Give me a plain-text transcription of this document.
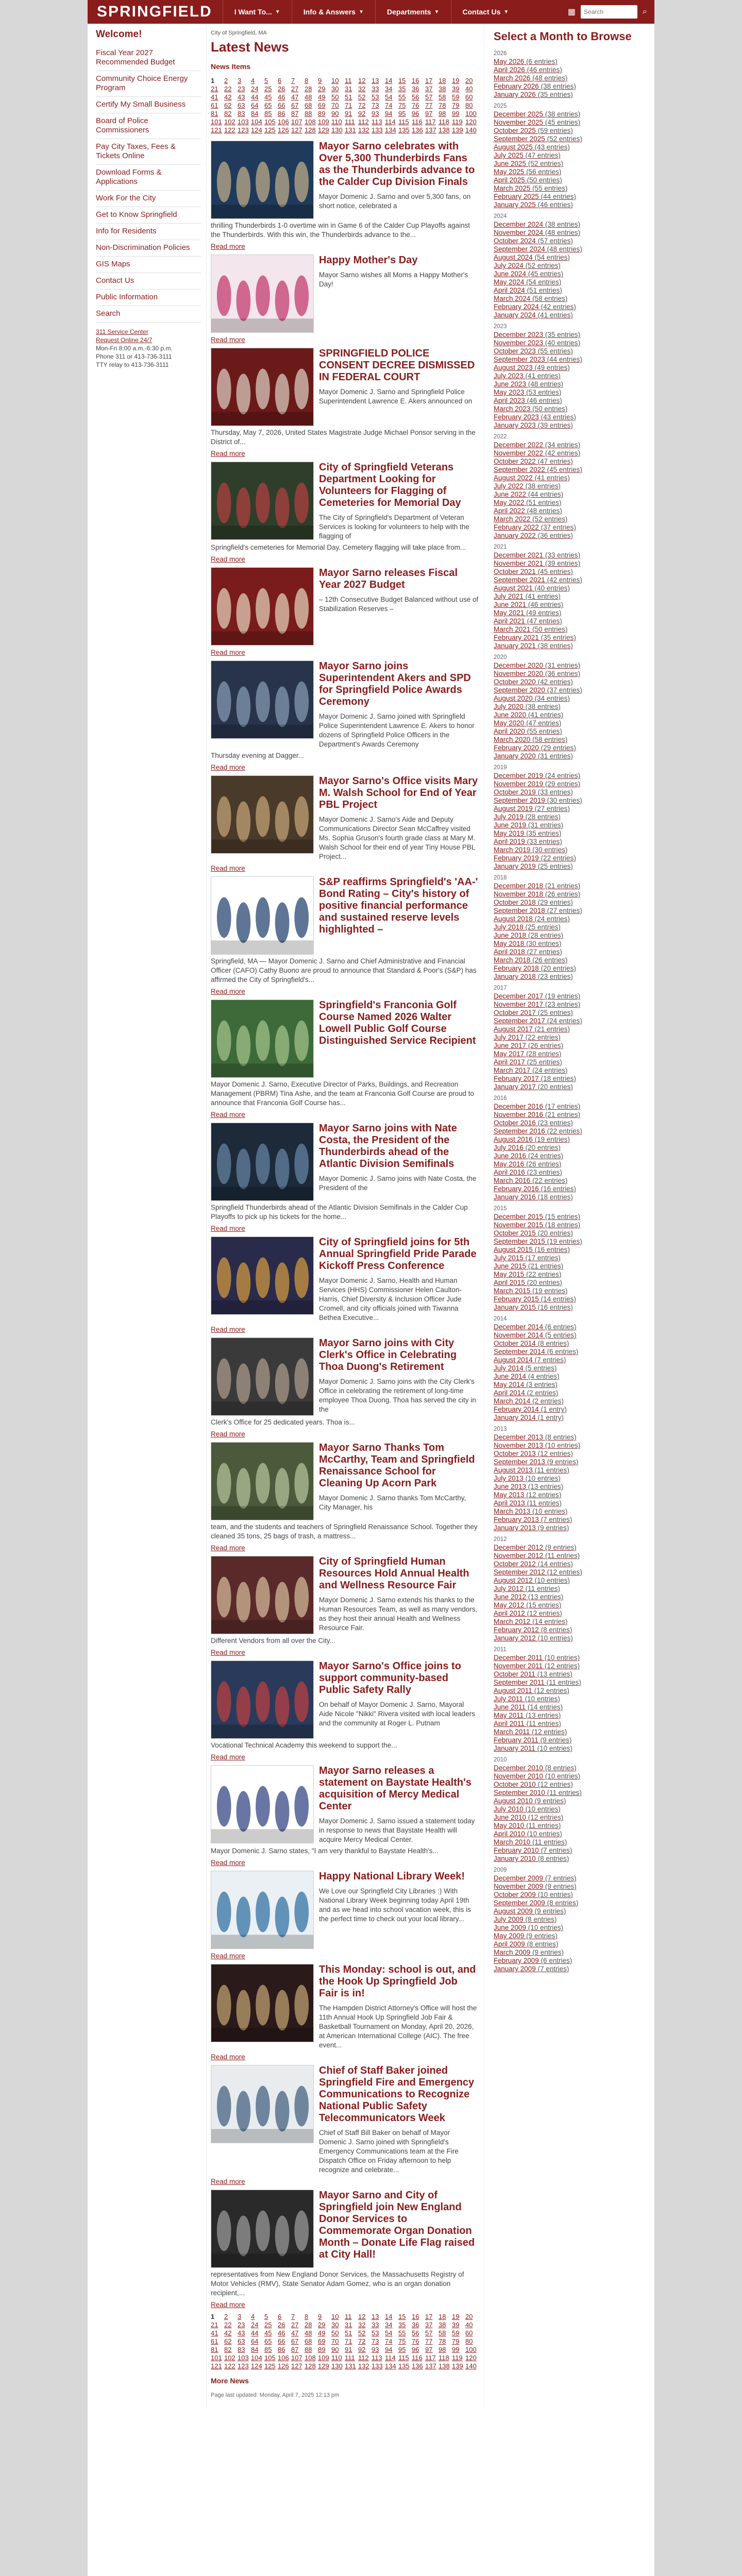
SPRINGFIELD	I Want To... ▼	Info & Answers ▼	Departments ▼	Contact Us ▼	▦
Search	⌕
Welcome!
Fiscal Year 2027 Recommended Budget
Community Choice Energy Program
Certify My Small Business
Board of Police Commissioners
Pay City Taxes, Fees & Tickets Online
Download Forms & Applications
Work For the City
Get to Know Springfield
Info for Residents
Non-Discrimination Policies
GIS Maps
Contact Us
Public Information
Search
311 Service Center
Request Online 24/7
Mon-Fri 8:00 a.m.-6:30 p.m.
Phone 311 or 413-736-3111
TTY relay to 413-736-3111
City of Springfield, MA
Latest News
News Items
1 2 3 4 5 6 7 8 9 10 11 12 13 14 15 16 17 18 19 2021 22 23 24 25 26 27 28 29 30 31 32 33 34 35 36 37 38 39 4041 42 43 44 45 46 47 48 49 50 51 52 53 54 55 56 57 58 59 6061 62 63 64 65 66 67 68 69 70 71 72 73 74 75 76 77 78 79 8081 82 83 84 85 86 87 88 89 90 91 92 93 94 95 96 97 98 99 100101 102 103 104 105 106 107 108 109 110 111 112 113 114 115 116 117 118 119 120121 122 123 124 125 126 127 128 129 130 131 132 133 134 135 136 137 138 139 140
Mayor Sarno celebrates with Over 5,300 Thunderbirds Fans as the Thunderbirds advance to the Calder Cup Division Finals
Mayor Domenic J. Sarno and over 5,300 fans, on short notice, celebrated a
thrilling Thunderbirds 1-0 overtime win in Game 6 of the Calder Cup Playoffs against the Thunderbirds. With this win, the Thunderbirds advance to the...
Read more
Happy Mother's Day
Mayor Sarno wishes all Moms a Happy Mother's Day!
Read more
SPRINGFIELD POLICE CONSENT DECREE DISMISSED IN FEDERAL COURT
Mayor Domenic J. Sarno and Springfield Police Superintendent Lawrence E. Akers announced on
Thursday, May 7, 2026, United States Magistrate Judge Michael Ponsor serving in the District of...
Read more
City of Springfield Veterans Department Looking for Volunteers for Flagging of Cemeteries for Memorial Day
The City of Springfield's Department of Veteran Services is looking for volunteers to help with the flagging of
Springfield's cemeteries for Memorial Day. Cemetery flagging will take place from...
Read more
Mayor Sarno releases Fiscal Year 2027 Budget
– 12th Consecutive Budget Balanced without use of Stabilization Reserves –
Read more
Mayor Sarno joins Superintendent Akers and SPD for Springfield Police Awards Ceremony
Mayor Domenic J. Sarno joined with Springfield Police Superintendent Lawrence E. Akers to honor dozens of Springfield Police Officers in the Department's Awards Ceremony
Thursday evening at Dagger...
Read more
Mayor Sarno's Office visits Mary M. Walsh School for End of Year PBL Project
Mayor Domenic J. Sarno's Aide and Deputy Communications Director Sean McCaffrey visited Ms. Sophia Gruson's fourth grade class at Mary M. Walsh School for their end of year Tiny House PBL Project...
Read more
S&P reaffirms Springfield's 'AA-' Bond Rating – City's history of positive financial performance and sustained reserve levels highlighted –
Springfield, MA — Mayor Domenic J. Sarno and Chief Administrative and Financial Officer (CAFO) Cathy Buono are proud to announce that Standard & Poor's (S&P) has affirmed the City of Springfield's...
Read more
Springfield's Franconia Golf Course Named 2026 Walter Lowell Public Golf Course Distinguished Service Recipient
Mayor Domenic J. Sarno, Executive Director of Parks, Buildings, and Recreation Management (PBRM) Tina Ashe, and the team at Franconia Golf Course are proud to announce that Franconia Golf Course has...
Read more
Mayor Sarno joins with Nate Costa, the President of the Thunderbirds ahead of the Atlantic Division Semifinals
Mayor Domenic J. Sarno joins with Nate Costa, the President of the
Springfield Thunderbirds ahead of the Atlantic Division Semifinals in the Calder Cup Playoffs to pick up his tickets for the home...
Read more
City of Springfield joins for 5th Annual Springfield Pride Parade Kickoff Press Conference
Mayor Domenic J. Sarno, Health and Human Services (HHS) Commissioner Helen Caulton-Harris, Chief Diversity & Inclusion Officer Jude Cromell, and city officials joined with Tiwanna Bethea Executive...
Read more
Mayor Sarno joins with City Clerk's Office in Celebrating Thoa Duong's Retirement
Mayor Domenic J. Sarno joins with the City Clerk's Office in celebrating the retirement of long-time employee Thoa Duong. Thoa has served the city in the
Clerk's Office for 25 dedicated years. Thoa is...
Read more
Mayor Sarno Thanks Tom McCarthy, Team and Springfield Renaissance School for Cleaning Up Acorn Park
Mayor Domenic J. Sarno thanks Tom McCarthy, City Manager, his
team, and the students and teachers of Springfield Renaissance School. Together they cleaned 35 tons, 25 bags of trash, a mattress...
Read more
City of Springfield Human Resources Hold Annual Health and Wellness Resource Fair
Mayor Domenic J. Sarno extends his thanks to the Human Resources Team, as well as many vendors, as they host their annual Health and Wellness Resource Fair.
Different Vendors from all over the City...
Read more
Mayor Sarno's Office joins to support community-based Public Safety Rally
On behalf of Mayor Domenic J. Sarno, Mayoral Aide Nicole "Nikki" Rivera visited with local leaders and the community at Roger L. Putnam
Vocational Technical Academy this weekend to support the...
Read more
Mayor Sarno releases a statement on Baystate Health's acquisition of Mercy Medical Center
Mayor Domenic J. Sarno issued a statement today in response to news that Baystate Health will acquire Mercy Medical Center.
Mayor Domenic J. Sarno states, "I am very thankful to Baystate Health's...
Read more
Happy National Library Week!
We Love our Springfield City Libraries :) With National Library Week beginning today April 19th and as we head into school vacation week, this is the perfect time to check out your local library...
Read more
This Monday: school is out, and the Hook Up Springfield Job Fair is in!
The Hampden District Attorney's Office will host the 11th Annual Hook Up Springfield Job Fair & Basketball Tournament on Monday, April 20, 2026, at American International College (AIC). The free event...
Read more
Chief of Staff Baker joined Springfield Fire and Emergency Communications to Recognize National Public Safety Telecommunicators Week
Chief of Staff Bill Baker on behalf of Mayor Domenic J. Sarno joined with Springfield's Emergency Communications team at the Fire Dispatch Office on Friday afternoon to help recognize and celebrate...
Read more
Mayor Sarno and City of Springfield join New England Donor Services to Commemorate Organ Donation Month – Donate Life Flag raised at City Hall!
representatives from New England Donor Services, the Massachusetts Registry of Motor Vehicles (RMV), State Senator Adam Gomez, who is an organ donation recipient,...
Read more
1 2 3 4 5 6 7 8 9 10 11 12 13 14 15 16 17 18 19 2021 22 23 24 25 26 27 28 29 30 31 32 33 34 35 36 37 38 39 4041 42 43 44 45 46 47 48 49 50 51 52 53 54 55 56 57 58 59 6061 62 63 64 65 66 67 68 69 70 71 72 73 74 75 76 77 78 79 8081 82 83 84 85 86 87 88 89 90 91 92 93 94 95 96 97 98 99 100101 102 103 104 105 106 107 108 109 110 111 112 113 114 115 116 117 118 119 120121 122 123 124 125 126 127 128 129 130 131 132 133 134 135 136 137 138 139 140
More News
Page last updated: Monday, April 7, 2025 12:13 pm
Select a Month to Browse
2026
May 2026 (6 entries)
April 2026 (46 entries)
March 2026 (48 entries)
February 2026 (38 entries)
January 2026 (35 entries)
2025
December 2025 (38 entries)
November 2025 (45 entries)
October 2025 (59 entries)
September 2025 (52 entries)
August 2025 (43 entries)
July 2025 (47 entries)
June 2025 (52 entries)
May 2025 (56 entries)
April 2025 (50 entries)
March 2025 (55 entries)
February 2025 (44 entries)
January 2025 (46 entries)
2024
December 2024 (38 entries)
November 2024 (48 entries)
October 2024 (57 entries)
September 2024 (48 entries)
August 2024 (54 entries)
July 2024 (52 entries)
June 2024 (45 entries)
May 2024 (54 entries)
April 2024 (51 entries)
March 2024 (58 entries)
February 2024 (42 entries)
January 2024 (41 entries)
2023
December 2023 (35 entries)
November 2023 (40 entries)
October 2023 (55 entries)
September 2023 (44 entries)
August 2023 (49 entries)
July 2023 (41 entries)
June 2023 (48 entries)
May 2023 (53 entries)
April 2023 (46 entries)
March 2023 (50 entries)
February 2023 (43 entries)
January 2023 (39 entries)
2022
December 2022 (34 entries)
November 2022 (42 entries)
October 2022 (47 entries)
September 2022 (45 entries)
August 2022 (41 entries)
July 2022 (38 entries)
June 2022 (44 entries)
May 2022 (51 entries)
April 2022 (48 entries)
March 2022 (52 entries)
February 2022 (37 entries)
January 2022 (36 entries)
2021
December 2021 (33 entries)
November 2021 (39 entries)
October 2021 (45 entries)
September 2021 (42 entries)
August 2021 (40 entries)
July 2021 (41 entries)
June 2021 (46 entries)
May 2021 (49 entries)
April 2021 (47 entries)
March 2021 (50 entries)
February 2021 (35 entries)
January 2021 (38 entries)
2020
December 2020 (31 entries)
November 2020 (36 entries)
October 2020 (42 entries)
September 2020 (37 entries)
August 2020 (34 entries)
July 2020 (38 entries)
June 2020 (41 entries)
May 2020 (47 entries)
April 2020 (55 entries)
March 2020 (58 entries)
February 2020 (29 entries)
January 2020 (31 entries)
2019
December 2019 (24 entries)
November 2019 (29 entries)
October 2019 (33 entries)
September 2019 (30 entries)
August 2019 (27 entries)
July 2019 (28 entries)
June 2019 (31 entries)
May 2019 (35 entries)
April 2019 (33 entries)
March 2019 (30 entries)
February 2019 (22 entries)
January 2019 (25 entries)
2018
December 2018 (21 entries)
November 2018 (26 entries)
October 2018 (29 entries)
September 2018 (27 entries)
August 2018 (24 entries)
July 2018 (25 entries)
June 2018 (28 entries)
May 2018 (30 entries)
April 2018 (27 entries)
March 2018 (26 entries)
February 2018 (20 entries)
January 2018 (23 entries)
2017
December 2017 (19 entries)
November 2017 (23 entries)
October 2017 (25 entries)
September 2017 (24 entries)
August 2017 (21 entries)
July 2017 (22 entries)
June 2017 (26 entries)
May 2017 (28 entries)
April 2017 (25 entries)
March 2017 (24 entries)
February 2017 (18 entries)
January 2017 (20 entries)
2016
December 2016 (17 entries)
November 2016 (21 entries)
October 2016 (23 entries)
September 2016 (22 entries)
August 2016 (19 entries)
July 2016 (20 entries)
June 2016 (24 entries)
May 2016 (26 entries)
April 2016 (23 entries)
March 2016 (22 entries)
February 2016 (16 entries)
January 2016 (18 entries)
2015
December 2015 (15 entries)
November 2015 (18 entries)
October 2015 (20 entries)
September 2015 (19 entries)
August 2015 (16 entries)
July 2015 (17 entries)
June 2015 (21 entries)
May 2015 (22 entries)
April 2015 (20 entries)
March 2015 (19 entries)
February 2015 (14 entries)
January 2015 (16 entries)
2014
December 2014 (6 entries)
November 2014 (5 entries)
October 2014 (8 entries)
September 2014 (6 entries)
August 2014 (7 entries)
July 2014 (5 entries)
June 2014 (4 entries)
May 2014 (3 entries)
April 2014 (2 entries)
March 2014 (2 entries)
February 2014 (1 entry)
January 2014 (1 entry)
2013
December 2013 (8 entries)
November 2013 (10 entries)
October 2013 (12 entries)
September 2013 (9 entries)
August 2013 (11 entries)
July 2013 (10 entries)
June 2013 (13 entries)
May 2013 (12 entries)
April 2013 (11 entries)
March 2013 (10 entries)
February 2013 (7 entries)
January 2013 (9 entries)
2012
December 2012 (9 entries)
November 2012 (11 entries)
October 2012 (14 entries)
September 2012 (12 entries)
August 2012 (10 entries)
July 2012 (11 entries)
June 2012 (13 entries)
May 2012 (15 entries)
April 2012 (12 entries)
March 2012 (14 entries)
February 2012 (8 entries)
January 2012 (10 entries)
2011
December 2011 (10 entries)
November 2011 (12 entries)
October 2011 (13 entries)
September 2011 (11 entries)
August 2011 (12 entries)
July 2011 (10 entries)
June 2011 (14 entries)
May 2011 (13 entries)
April 2011 (11 entries)
March 2011 (12 entries)
February 2011 (9 entries)
January 2011 (10 entries)
2010
December 2010 (8 entries)
November 2010 (10 entries)
October 2010 (12 entries)
September 2010 (11 entries)
August 2010 (9 entries)
July 2010 (10 entries)
June 2010 (12 entries)
May 2010 (11 entries)
April 2010 (10 entries)
March 2010 (11 entries)
February 2010 (7 entries)
January 2010 (8 entries)
2009
December 2009 (7 entries)
November 2009 (9 entries)
October 2009 (10 entries)
September 2009 (8 entries)
August 2009 (9 entries)
July 2009 (8 entries)
June 2009 (10 entries)
May 2009 (9 entries)
April 2009 (8 entries)
March 2009 (9 entries)
February 2009 (6 entries)
January 2009 (7 entries)
